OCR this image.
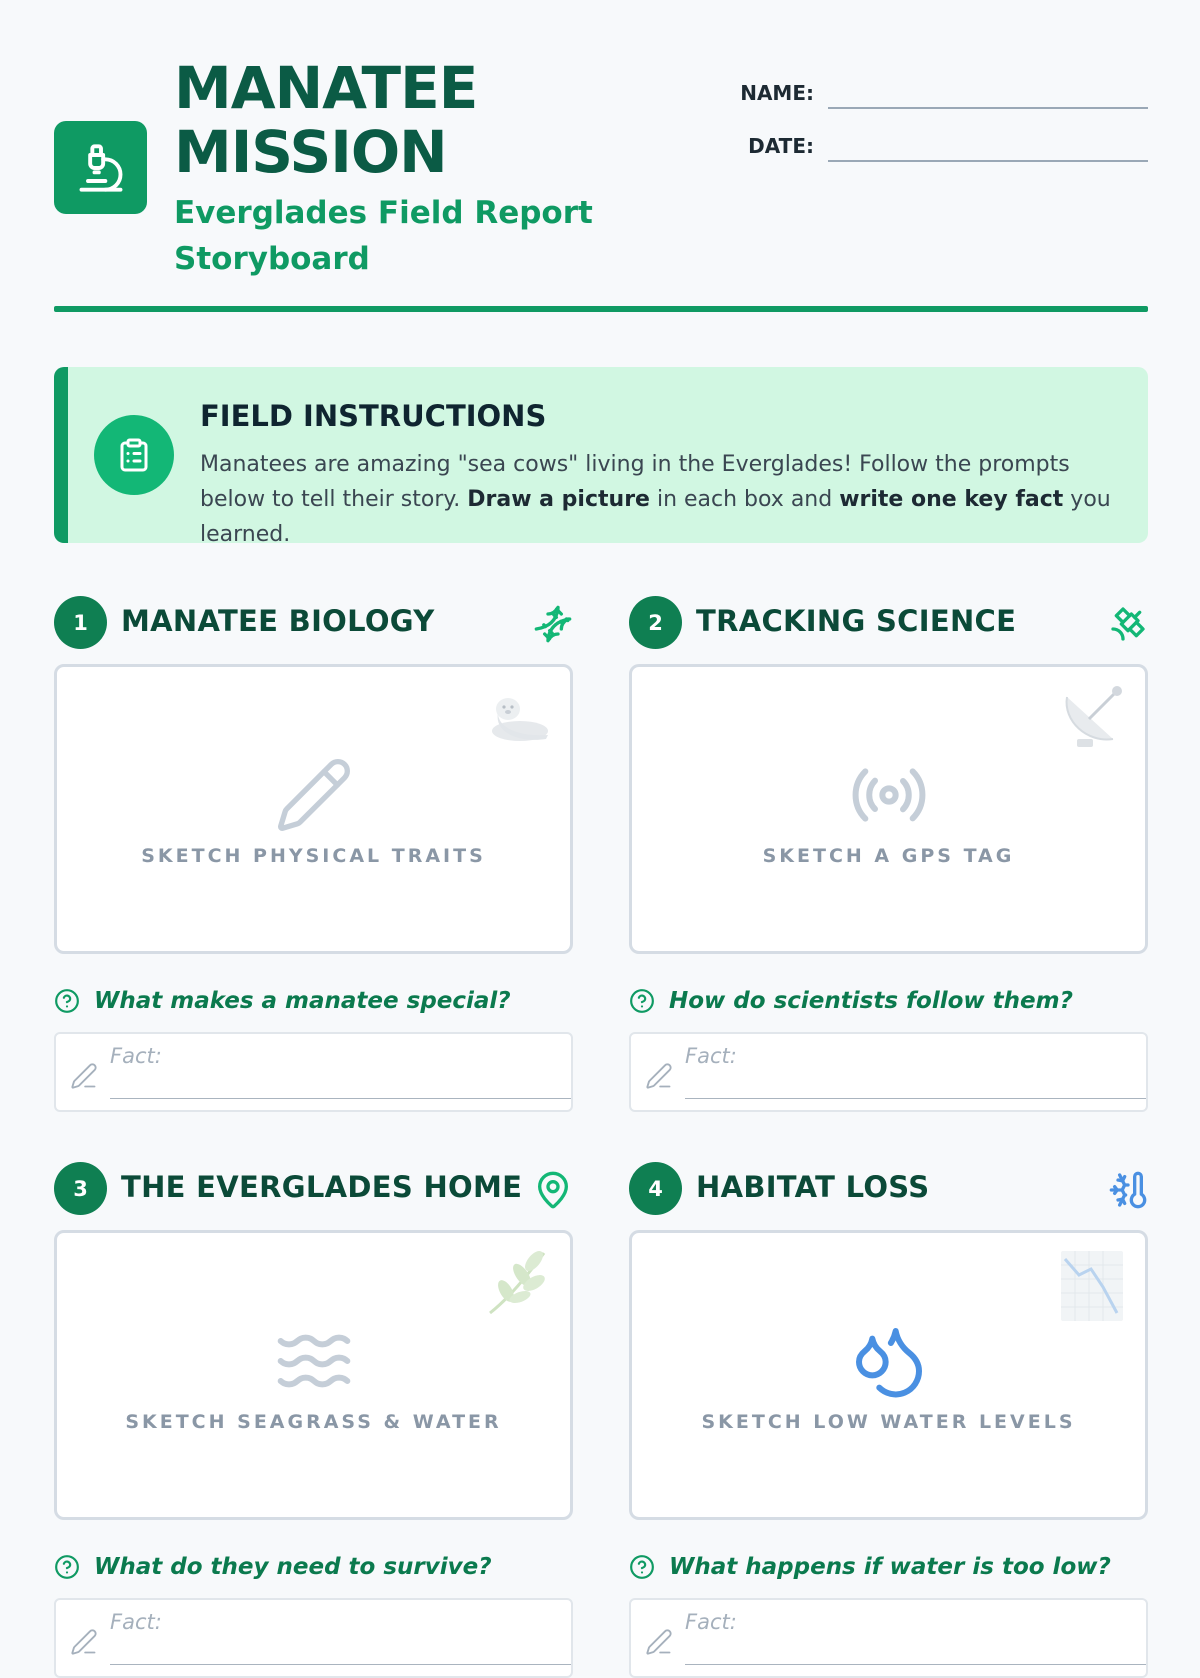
MANATEE
MISSION
Everglades Field Report Storyboard
NAME:
DATE:
FIELD INSTRUCTIONS
Manatees are amazing "sea cows" living in the Everglades! Follow the prompts below to tell their story. Draw a picture in each box and write one key fact you learned.
1	MANATEE BIOLOGY
SKETCH PHYSICAL TRAITS
What makes a manatee special?
Fact:
2	TRACKING SCIENCE
SKETCH A GPS TAG
How do scientists follow them?
Fact:
3	THE EVERGLADES HOME
SKETCH SEAGRASS & WATER
What do they need to survive?
Fact:
4	HABITAT LOSS
SKETCH LOW WATER LEVELS
What happens if water is too low?
Fact:
